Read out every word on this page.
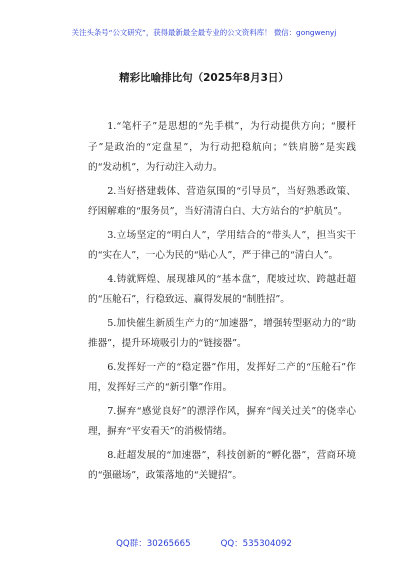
关注头条号“公文研究”，获得最新最全最专业的公文资料库！ 微信：gongwenyj
精彩比喻排比句（2025年8月3日）

1.“笔杆子”是思想的“先手棋”，为行动提供方向；“腰杆子”是政治的“定盘星”，为行动把稳航向；“铁肩膀”是实践的“发动机”，为行动注入动力。

2.当好搭建载体、营造氛围的“引导员”，当好熟悉政策、纾困解难的“服务员”，当好清清白白、大方站台的“护航员”。

3.立场坚定的“明白人”，学用结合的“带头人”，担当实干的“实在人”，一心为民的“贴心人”，严于律己的“清白人”。

4.铸就辉煌、展现雄风的“基本盘”，爬坡过坎、跨越赶超的“压舱石”，行稳致远、赢得发展的“制胜招”。

5.加快催生新质生产力的“加速器”，增强转型驱动力的“助推器”，提升环境吸引力的“链接器”。

6.发挥好一产的“稳定器”作用，发挥好二产的“压舱石”作用，发挥好三产的“新引擎”作用。

7.摒弃“感觉良好”的漂浮作风，摒弃“闯关过关”的侥幸心理，摒弃“平安看天”的消极情绪。

8.赶超发展的“加速器”，科技创新的“孵化器”，营商环境的“强磁场”，政策落地的“关键招”。

QQ群：30265665	QQ：535304092
